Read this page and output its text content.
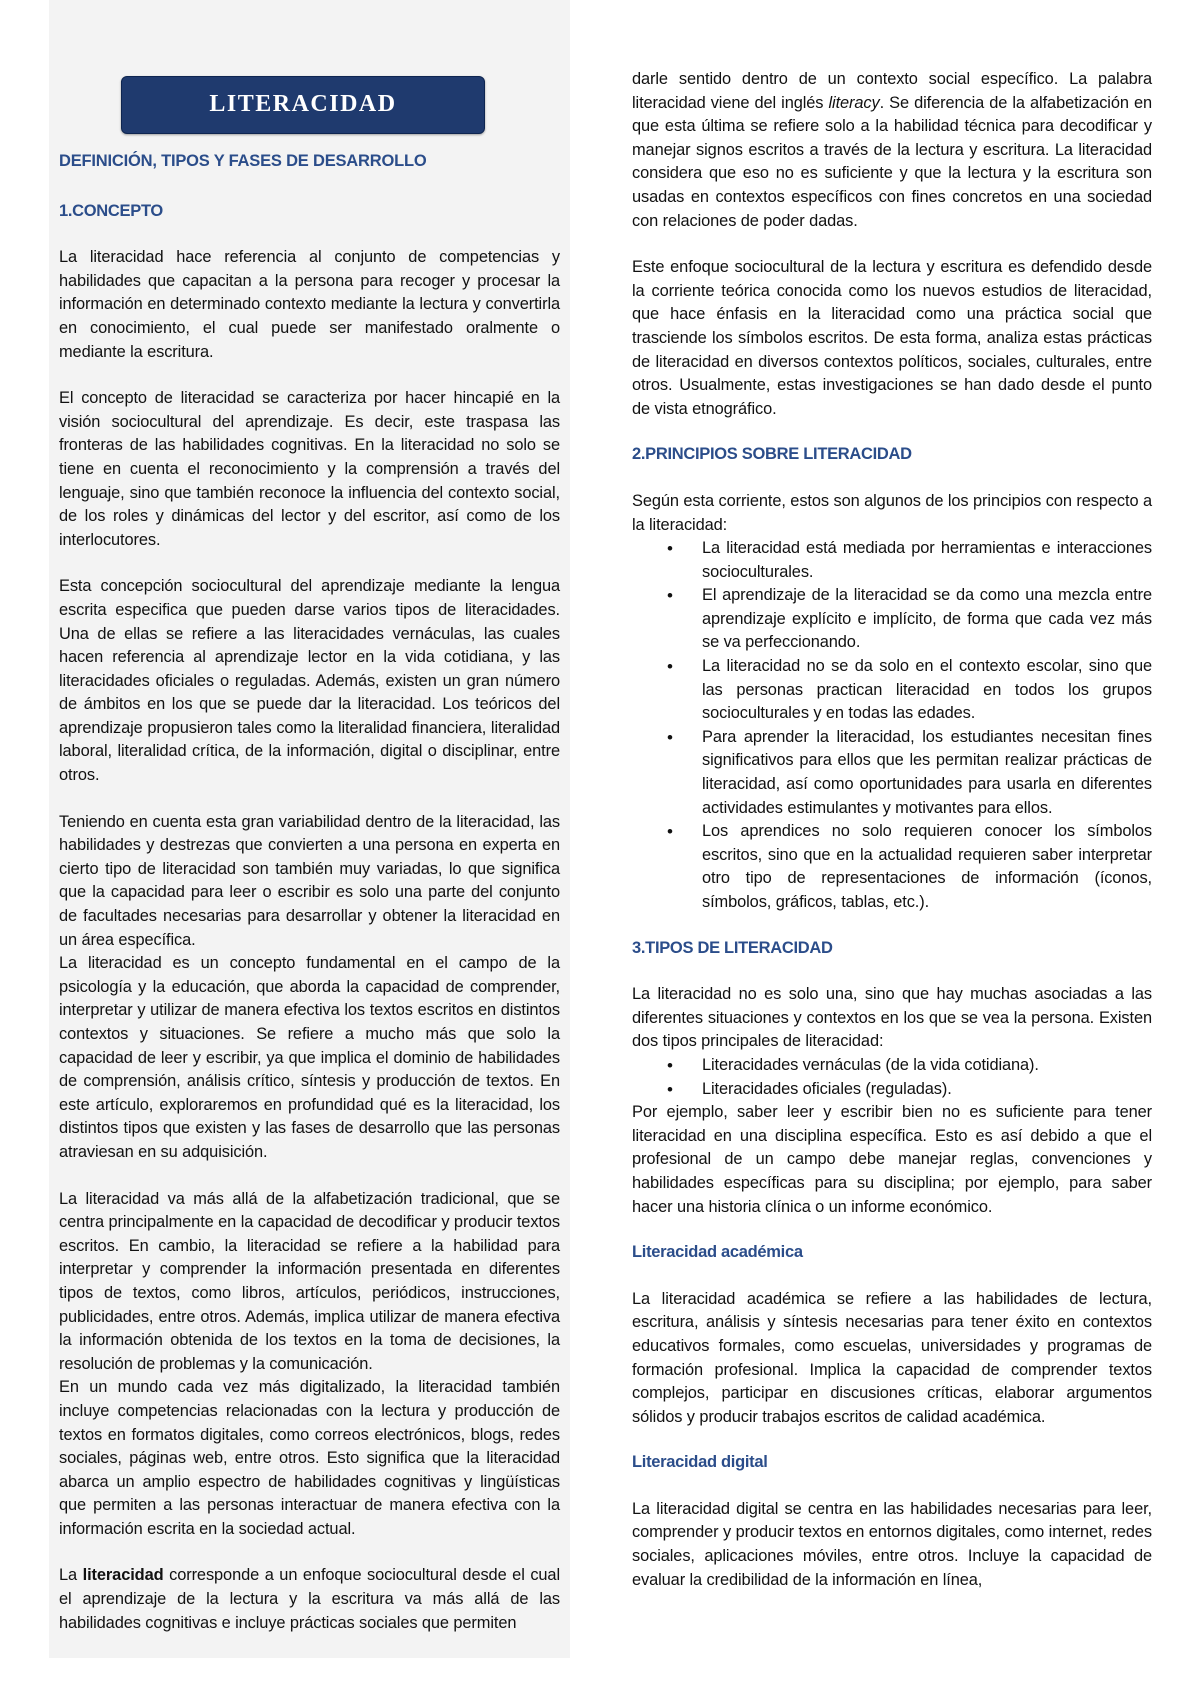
LITERACIDAD
DEFINICIÓN, TIPOS Y FASES DE DESARROLLO
1.CONCEPTO

La literacidad hace referencia al conjunto de competencias y habilidades que capacitan a la persona para recoger y procesar la información en determinado contexto mediante la lectura y convertirla en conocimiento, el cual puede ser manifestado oralmente o mediante la escritura.

El concepto de literacidad se caracteriza por hacer hincapié en la visión sociocultural del aprendizaje. Es decir, este traspasa las fronteras de las habilidades cognitivas. En la literacidad no solo se tiene en cuenta el reconocimiento y la comprensión a través del lenguaje, sino que también reconoce la influencia del contexto social, de los roles y dinámicas del lector y del escritor, así como de los interlocutores.

Esta concepción sociocultural del aprendizaje mediante la lengua escrita especifica que pueden darse varios tipos de literacidades. Una de ellas se refiere a las literacidades vernáculas, las cuales hacen referencia al aprendizaje lector en la vida cotidiana, y las literacidades oficiales o reguladas. Además, existen un gran número de ámbitos en los que se puede dar la literacidad. Los teóricos del aprendizaje propusieron tales como la literalidad financiera, literalidad laboral, literalidad crítica, de la información, digital o disciplinar, entre otros.

Teniendo en cuenta esta gran variabilidad dentro de la literacidad, las habilidades y destrezas que convierten a una persona en experta en cierto tipo de literacidad son también muy variadas, lo que significa que la capacidad para leer o escribir es solo una parte del conjunto de facultades necesarias para desarrollar y obtener la literacidad en un área específica.

La literacidad es un concepto fundamental en el campo de la psicología y la educación, que aborda la capacidad de comprender, interpretar y utilizar de manera efectiva los textos escritos en distintos contextos y situaciones. Se refiere a mucho más que solo la capacidad de leer y escribir, ya que implica el dominio de habilidades de comprensión, análisis crítico, síntesis y producción de textos. En este artículo, exploraremos en profundidad qué es la literacidad, los distintos tipos que existen y las fases de desarrollo que las personas atraviesan en su adquisición.

La literacidad va más allá de la alfabetización tradicional, que se centra principalmente en la capacidad de decodificar y producir textos escritos. En cambio, la literacidad se refiere a la habilidad para interpretar y comprender la información presentada en diferentes tipos de textos, como libros, artículos, periódicos, instrucciones, publicidades, entre otros. Además, implica utilizar de manera efectiva la información obtenida de los textos en la toma de decisiones, la resolución de problemas y la comunicación.

En un mundo cada vez más digitalizado, la literacidad también incluye competencias relacionadas con la lectura y producción de textos en formatos digitales, como correos electrónicos, blogs, redes sociales, páginas web, entre otros. Esto significa que la literacidad abarca un amplio espectro de habilidades cognitivas y lingüísticas que permiten a las personas interactuar de manera efectiva con la información escrita en la sociedad actual.

La literacidad corresponde a un enfoque sociocultural desde el cual el aprendizaje de la lectura y la escritura va más allá de las habilidades cognitivas e incluye prácticas sociales que permiten

darle sentido dentro de un contexto social específico. La palabra literacidad viene del inglés literacy. Se diferencia de la alfabetización en que esta última se refiere solo a la habilidad técnica para decodificar y manejar signos escritos a través de la lectura y escritura. La literacidad considera que eso no es suficiente y que la lectura y la escritura son usadas en contextos específicos con fines concretos en una sociedad con relaciones de poder dadas.

Este enfoque sociocultural de la lectura y escritura es defendido desde la corriente teórica conocida como los nuevos estudios de literacidad, que hace énfasis en la literacidad como una práctica social que trasciende los símbolos escritos. De esta forma, analiza estas prácticas de literacidad en diversos contextos políticos, sociales, culturales, entre otros. Usualmente, estas investigaciones se han dado desde el punto de vista etnográfico.

2.PRINCIPIOS SOBRE LITERACIDAD

Según esta corriente, estos son algunos de los principios con respecto a la literacidad:

• La literacidad está mediada por herramientas e interacciones socioculturales.
• El aprendizaje de la literacidad se da como una mezcla entre aprendizaje explícito e implícito, de forma que cada vez más se va perfeccionando.
• La literacidad no se da solo en el contexto escolar, sino que las personas practican literacidad en todos los grupos socioculturales y en todas las edades.
• Para aprender la literacidad, los estudiantes necesitan fines significativos para ellos que les permitan realizar prácticas de literacidad, así como oportunidades para usarla en diferentes actividades estimulantes y motivantes para ellos.
• Los aprendices no solo requieren conocer los símbolos escritos, sino que en la actualidad requieren saber interpretar otro tipo de representaciones de información (íconos, símbolos, gráficos, tablas, etc.).
3.TIPOS DE LITERACIDAD

La literacidad no es solo una, sino que hay muchas asociadas a las diferentes situaciones y contextos en los que se vea la persona. Existen dos tipos principales de literacidad:

• Literacidades vernáculas (de la vida cotidiana).
• Literacidades oficiales (reguladas).

Por ejemplo, saber leer y escribir bien no es suficiente para tener literacidad en una disciplina específica. Esto es así debido a que el profesional de un campo debe manejar reglas, convenciones y habilidades específicas para su disciplina; por ejemplo, para saber hacer una historia clínica o un informe económico.

Literacidad académica

La literacidad académica se refiere a las habilidades de lectura, escritura, análisis y síntesis necesarias para tener éxito en contextos educativos formales, como escuelas, universidades y programas de formación profesional. Implica la capacidad de comprender textos complejos, participar en discusiones críticas, elaborar argumentos sólidos y producir trabajos escritos de calidad académica.

Literacidad digital

La literacidad digital se centra en las habilidades necesarias para leer, comprender y producir textos en entornos digitales, como internet, redes sociales, aplicaciones móviles, entre otros. Incluye la capacidad de evaluar la credibilidad de la información en línea,
